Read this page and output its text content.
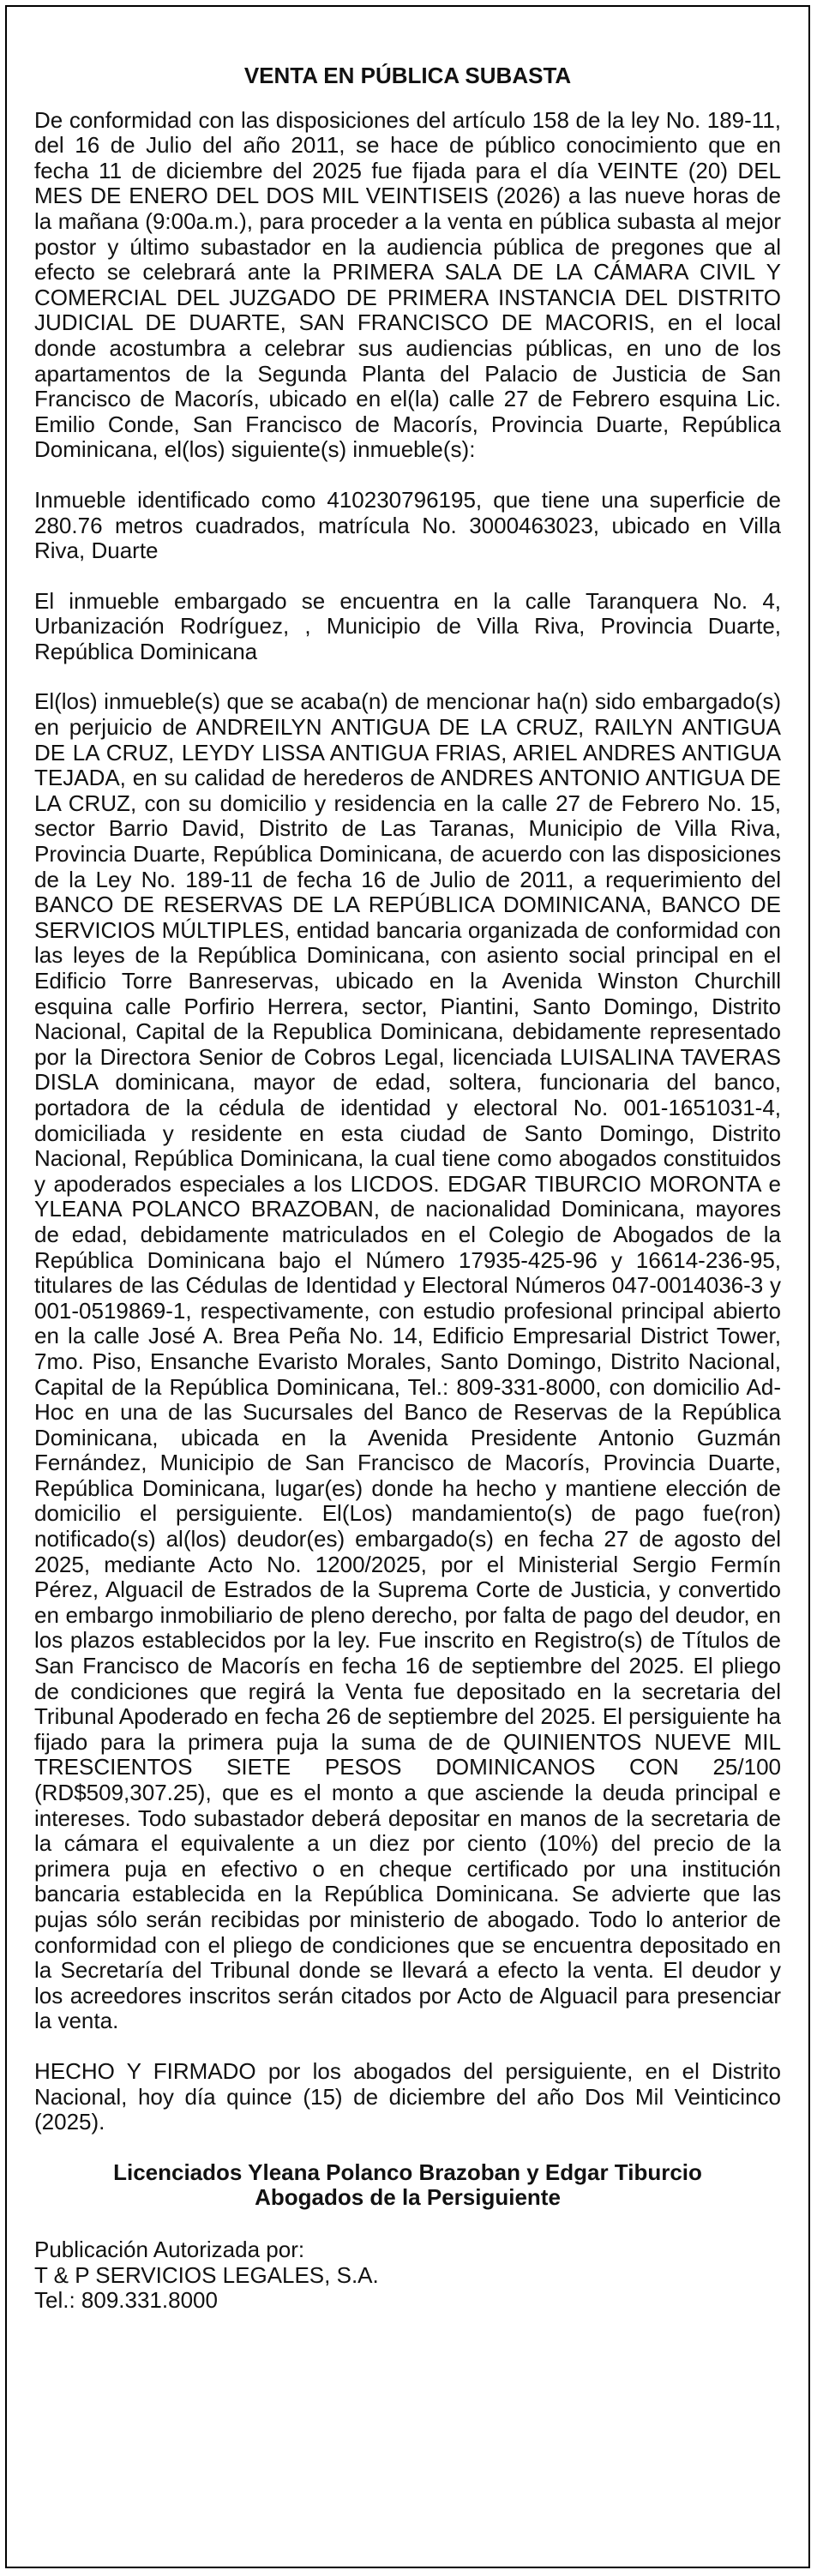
VENTA EN PÚBLICA SUBASTA

De conformidad con las disposiciones del artículo 158 de la ley No. 189-11, del 16 de Julio del año 2011, se hace de público conocimiento que en fecha 11 de diciembre del 2025 fue fijada para el día VEINTE (20) DEL MES DE ENERO DEL DOS MIL VEINTISEIS (2026) a las nueve horas de la mañana (9:00a.m.), para proceder a la venta en pública subasta al mejor postor y último subastador en la audiencia pública de pregones que al efecto se celebrará ante la PRIMERA SALA DE LA CÁMARA CIVIL Y COMERCIAL DEL JUZGADO DE PRIMERA INSTANCIA DEL DISTRITO JUDICIAL DE DUARTE, SAN FRANCISCO DE MACORIS, en el local donde acostumbra a celebrar sus audiencias públicas, en uno de los apartamentos de la Segunda Planta del Palacio de Justicia de San Francisco de Macorís, ubicado en el(la) calle 27 de Febrero esquina Lic. Emilio Conde, San Francisco de Macorís, Provincia Duarte, República Dominicana, el(los) siguiente(s) inmueble(s):

Inmueble identificado como 410230796195, que tiene una superficie de 280.76 metros cuadrados, matrícula No. 3000463023, ubicado en Villa Riva, Duarte

El inmueble embargado se encuentra en la calle Taranquera No. 4, Urbanización Rodríguez, , Municipio de Villa Riva, Provincia Duarte, República Dominicana

El(los) inmueble(s) que se acaba(n) de mencionar ha(n) sido embargado(s) en perjuicio de ANDREILYN ANTIGUA DE LA CRUZ, RAILYN ANTIGUA DE LA CRUZ, LEYDY LISSA ANTIGUA FRIAS, ARIEL ANDRES ANTIGUA TEJADA, en su calidad de herederos de ANDRES ANTONIO ANTIGUA DE LA CRUZ, con su domicilio y residencia en la calle 27 de Febrero No. 15, sector Barrio David, Distrito de Las Taranas, Municipio de Villa Riva, Provincia Duarte, República Dominicana, de acuerdo con las disposiciones de la Ley No. 189-11 de fecha 16 de Julio de 2011, a requerimiento del BANCO DE RESERVAS DE LA REPÚBLICA DOMINICANA, BANCO DE SERVICIOS MÚLTIPLES, entidad bancaria organizada de conformidad con las leyes de la República Dominicana, con asiento social principal en el Edificio Torre Banreservas, ubicado en la Avenida Winston Churchill esquina calle Porfirio Herrera, sector, Piantini, Santo Domingo, Distrito Nacional, Capital de la Republica Dominicana, debidamente representado por la Directora Senior de Cobros Legal, licenciada LUISALINA TAVERAS DISLA dominicana, mayor de edad, soltera, funcionaria del banco, portadora de la cédula de identidad y electoral No. 001-1651031-4, domiciliada y residente en esta ciudad de Santo Domingo, Distrito Nacional, República Dominicana, la cual tiene como abogados constituidos y apoderados especiales a los LICDOS. EDGAR TIBURCIO MORONTA e YLEANA POLANCO BRAZOBAN, de nacionalidad Dominicana, mayores de edad, debidamente matriculados en el Colegio de Abogados de la República Dominicana bajo el Número 17935-425-96 y 16614-236-95, titulares de las Cédulas de Identidad y Electoral Números 047-0014036-3 y 001-0519869-1, respectivamente, con estudio profesional principal abierto en la calle José A. Brea Peña No. 14, Edificio Empresarial District Tower, 7mo. Piso, Ensanche Evaristo Morales, Santo Domingo, Distrito Nacional, Capital de la República Dominicana, Tel.: 809-331-8000, con domicilio Ad- Hoc en una de las Sucursales del Banco de Reservas de la República Dominicana, ubicada en la Avenida Presidente Antonio Guzmán Fernández, Municipio de San Francisco de Macorís, Provincia Duarte, República Dominicana, lugar(es) donde ha hecho y mantiene elección de domicilio el persiguiente. El(Los) mandamiento(s) de pago fue(ron) notificado(s) al(los) deudor(es) embargado(s) en fecha 27 de agosto del 2025, mediante Acto No. 1200/2025, por el Ministerial Sergio Fermín Pérez, Alguacil de Estrados de la Suprema Corte de Justicia, y convertido en embargo inmobiliario de pleno derecho, por falta de pago del deudor, en los plazos establecidos por la ley. Fue inscrito en Registro(s) de Títulos de San Francisco de Macorís en fecha 16 de septiembre del 2025. El pliego de condiciones que regirá la Venta fue depositado en la secretaria del Tribunal Apoderado en fecha 26 de septiembre del 2025. El persiguiente ha fijado para la primera puja la suma de de QUINIENTOS NUEVE MIL TRESCIENTOS SIETE PESOS DOMINICANOS CON 25/100 (RD$509,307.25), que es el monto a que asciende la deuda principal e intereses. Todo subastador deberá depositar en manos de la secretaria de la cámara el equivalente a un diez por ciento (10%) del precio de la primera puja en efectivo o en cheque certificado por una institución bancaria establecida en la República Dominicana. Se advierte que las pujas sólo serán recibidas por ministerio de abogado. Todo lo anterior de conformidad con el pliego de condiciones que se encuentra depositado en la Secretaría del Tribunal donde se llevará a efecto la venta. El deudor y los acreedores inscritos serán citados por Acto de Alguacil para presenciar la venta.

HECHO Y FIRMADO por los abogados del persiguiente, en el Distrito Nacional, hoy día quince (15) de diciembre del año Dos Mil Veinticinco (2025).

Licenciados Yleana Polanco Brazoban y Edgar Tiburcio
Abogados de la Persiguiente
Publicación Autorizada por:
T & P SERVICIOS LEGALES, S.A.
Tel.: 809.331.8000
